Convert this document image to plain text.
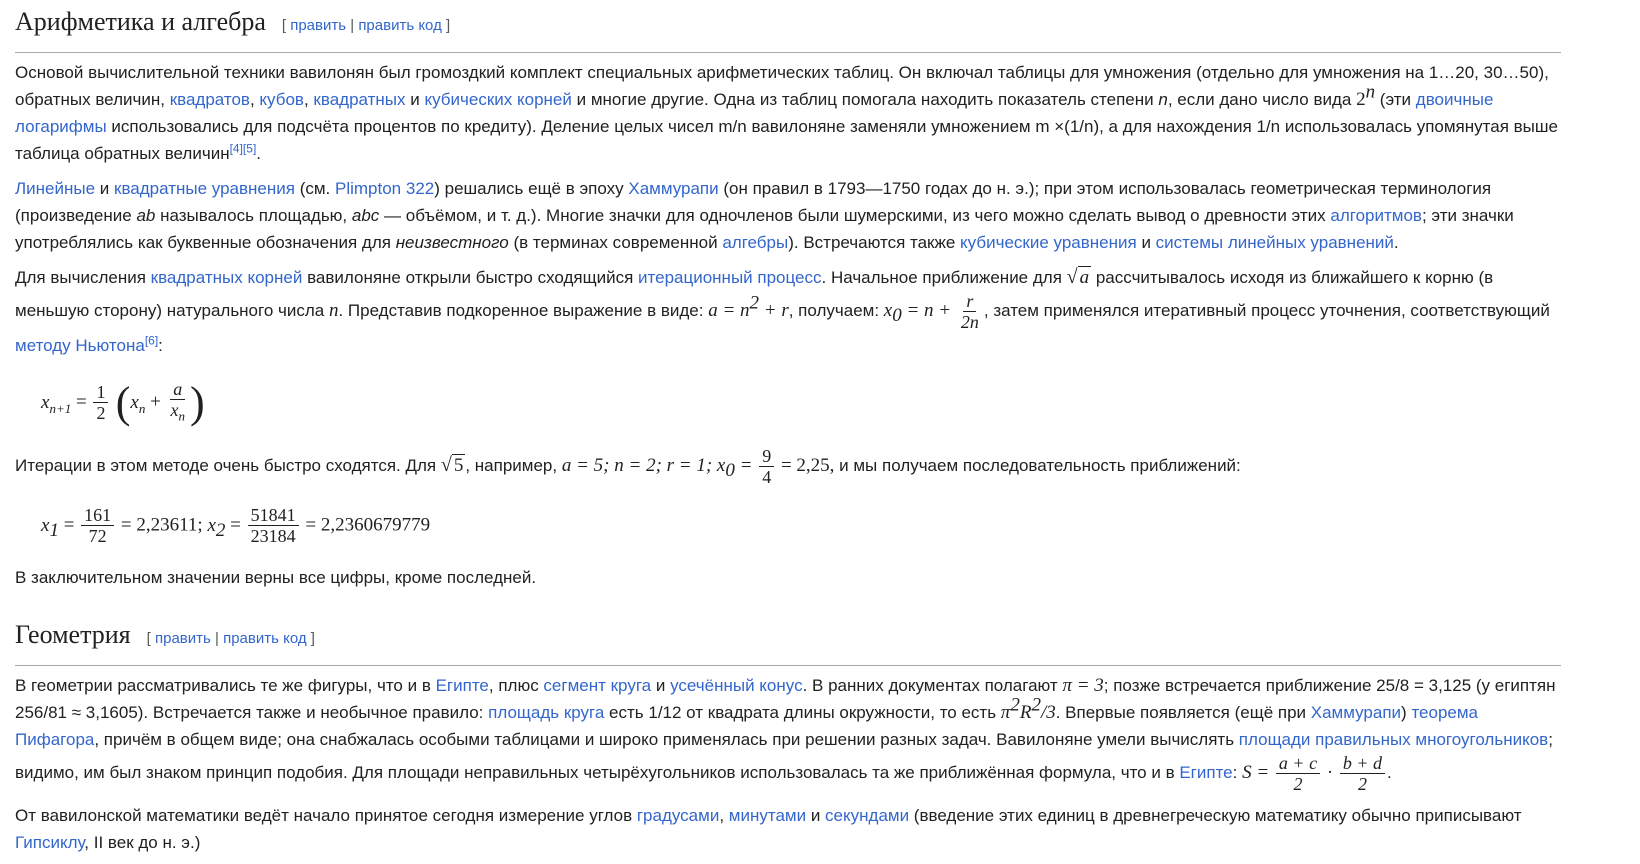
Арифметика и алгебра [ править | править код ]

Основой вычислительной техники вавилонян был громоздкий комплект специальных арифметических таблиц. Он включал таблицы для умножения (отдельно для умножения на 1…20, 30…50), обратных величин, квадратов, кубов, квадратных и кубических корней и многие другие. Одна из таблиц помогала находить показатель степени n, если дано число вида 2$^n$ (эти двоичные логарифмы использовались для подсчёта процентов по кредиту). Деление целых чисел m/n вавилоняне заменяли умножением m ×(1/n), а для нахождения 1/n использовалась упомянутая выше таблица обратных величин[4][5].

Линейные и квадратные уравнения (см. Plimpton 322) решались ещё в эпоху Хаммурапи (он правил в 1793—1750 годах до н. э.); при этом использовалась геометрическая терминология (произведение ab называлось площадью, abc — объёмом, и т. д.). Многие значки для одночленов были шумерскими, из чего можно сделать вывод о древности этих алгоритмов; эти значки употреблялись как буквенные обозначения для неизвестного (в терминах современной алгебры). Встречаются также кубические уравнения и системы линейных уравнений.

Для вычисления квадратных корней вавилоняне открыли быстро сходящийся итерационный процесс. Начальное приближение для √ a рассчитывалось исходя из ближайшего к корню (в меньшую сторону) натурального числа n. Представив подкоренное выражение в виде: $a = n^2 + r$, получаем: $x_0 = n + \frac{r}{2n}$ , затем применялся итеративный процесс уточнения, соответствующий методу Ньютона[6]:

$x_{n+1} = \frac{1}{2} (x_n + \frac{a}{x_n}$ )

Итерации в этом методе очень быстро сходятся. Для √ 5 , например, a = 5; n = 2; r = 1; $x_0 = \frac{9}{4} = 2,25$, и мы получаем последовательность приближений:

$x_1 = \frac{161}{72} = 2,23611$; $x_2 = \frac{51841}{23184} = 2,2360679779$

В заключительном значении верны все цифры, кроме последней.

Геометрия [ править | править код ]

В геометрии рассматривались те же фигуры, что и в Египте, плюс сегмент круга и усечённый конус. В ранних документах полагают π = 3; позже встречается приближение 25/8 = 3,125 (у египтян 256/81 ≈ 3,1605). Встречается также и необычное правило: площадь круга есть 1/12 от квадрата длины окружности, то есть $\pi^2R^2/3$. Впервые появляется (ещё при Хаммурапи) теорема Пифагора, причём в общем виде; она снабжалась особыми таблицами и широко применялась при решении разных задач. Вавилоняне умели вычислять площади правильных многоугольников; видимо, им был знаком принцип подобия. Для площади неправильных четырёхугольников использовалась та же приближённая формула, что и в Египте: $S = \frac{a + c}{2} \cdot \frac{b + d}{2}$ .

От вавилонской математики ведёт начало принятое сегодня измерение углов градусами, минутами и секундами (введение этих единиц в древнегреческую математику обычно приписывают Гипсиклу, II век до н. э.)
